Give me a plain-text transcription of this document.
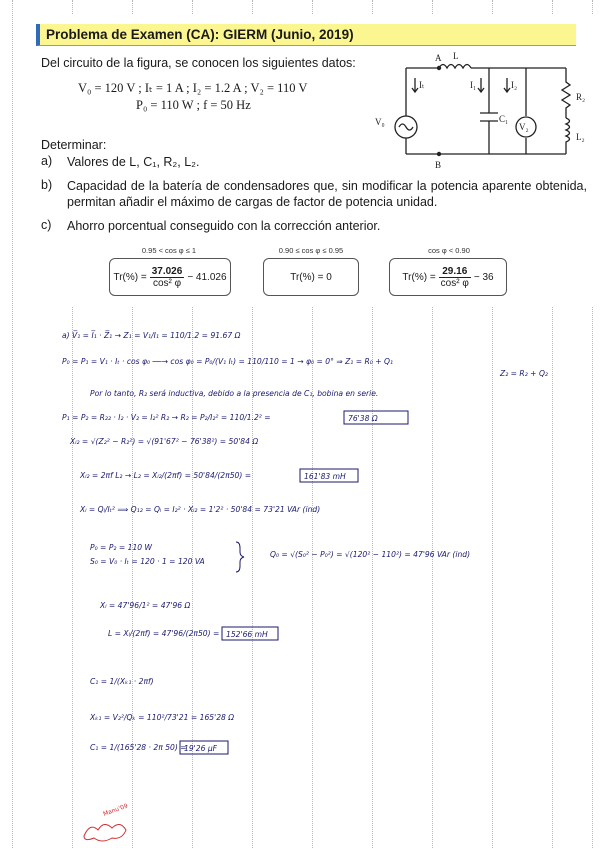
Problema de Examen (CA): GIERM (Junio, 2019)
Del circuito de la figura, se conocen los siguientes datos:
V₀ = 120 V ; Iₜ = 1 A ; I₂ = 1.2 A ; V₂ = 110 V
P₀ = 110 W ; f = 50 Hz
Determinar:
a) Valores de L, C₁, R₂, L₂.
b) Capacidad de la batería de condensadores que, sin modificar la potencia aparente obtenida, permitan añadir el máximo de cargas de factor de potencia unidad.
c) Ahorro porcentual conseguido con la corrección anterior.
0.95 < cos φ ≤ 1
$Tr(\%) = \frac{37.026}{\text{cos² φ}} - 41.026$
0.90 ≤ cos φ ≤ 0.95
Tr(%) = 0
cos φ < 0.90
$Tr(\%) = \frac{29.16}{\text{cos² φ}} - 36$
A
B
L
Iₜ	I₁	I₂
C₁
V₀	V₂
R₂
L₂
a) V̅₁ = I̅₁ · Z̅₁ → Z₁ = V₁/I₁ = 110/1.2 = 91.67 Ω
P₀ = P₁ = V₁ · Iₜ · cos φ₀ ──→ cos φ₀ = P₀/(V₁ Iₜ) = 110/110 = 1 → φ₀ = 0° ⇒ Z₁ = R₀ + Q₁
Z₂ = R₂ + Q₂
Por lo tanto, R₂ será inductiva, debido a la presencia de C₁, bobina en serie.
P₁ = P₂ = R₂₂ · I₂ · V₂ = I₂² R₂ → R₂ = P₂/I₂² = 110/1.2² =
Xₗ₂ = √(Z₂² − R₂²) = √(91'67² − 76'38²) = 50'84 Ω
Xₗ₂ = 2πf L₂ → L₂ = Xₗ₂/(2πf) = 50'84/(2π50) =
Xₗ = Qₗ/Iₜ² ⟹ Q₁₂ = Qₗ = I₂² · Xₗ₂ = 1'2² · 50'84 = 73'21 VAr (ind)
P₀ = P₂ = 110 W
S₀ = V₀ · Iₜ = 120 · 1 = 120 VA
Q₀ = √(S₀² − P₀²) = √(120² − 110²) = 47'96 VAr (ind)
Xₗ = 47'96/1² = 47'96 Ω
L = Xₗ/(2πf) = 47'96/(2π50) =
C₁ = 1/(Xₖ₁ · 2πf)
Xₖ₁ = V₂²/Qₖ = 110²/73'21 = 165'28 Ω
C₁ = 1/(165'28 · 2π 50) =
76'38 Ω
161'83 mH
152'66 mH
19'26 μF
Manu'09
